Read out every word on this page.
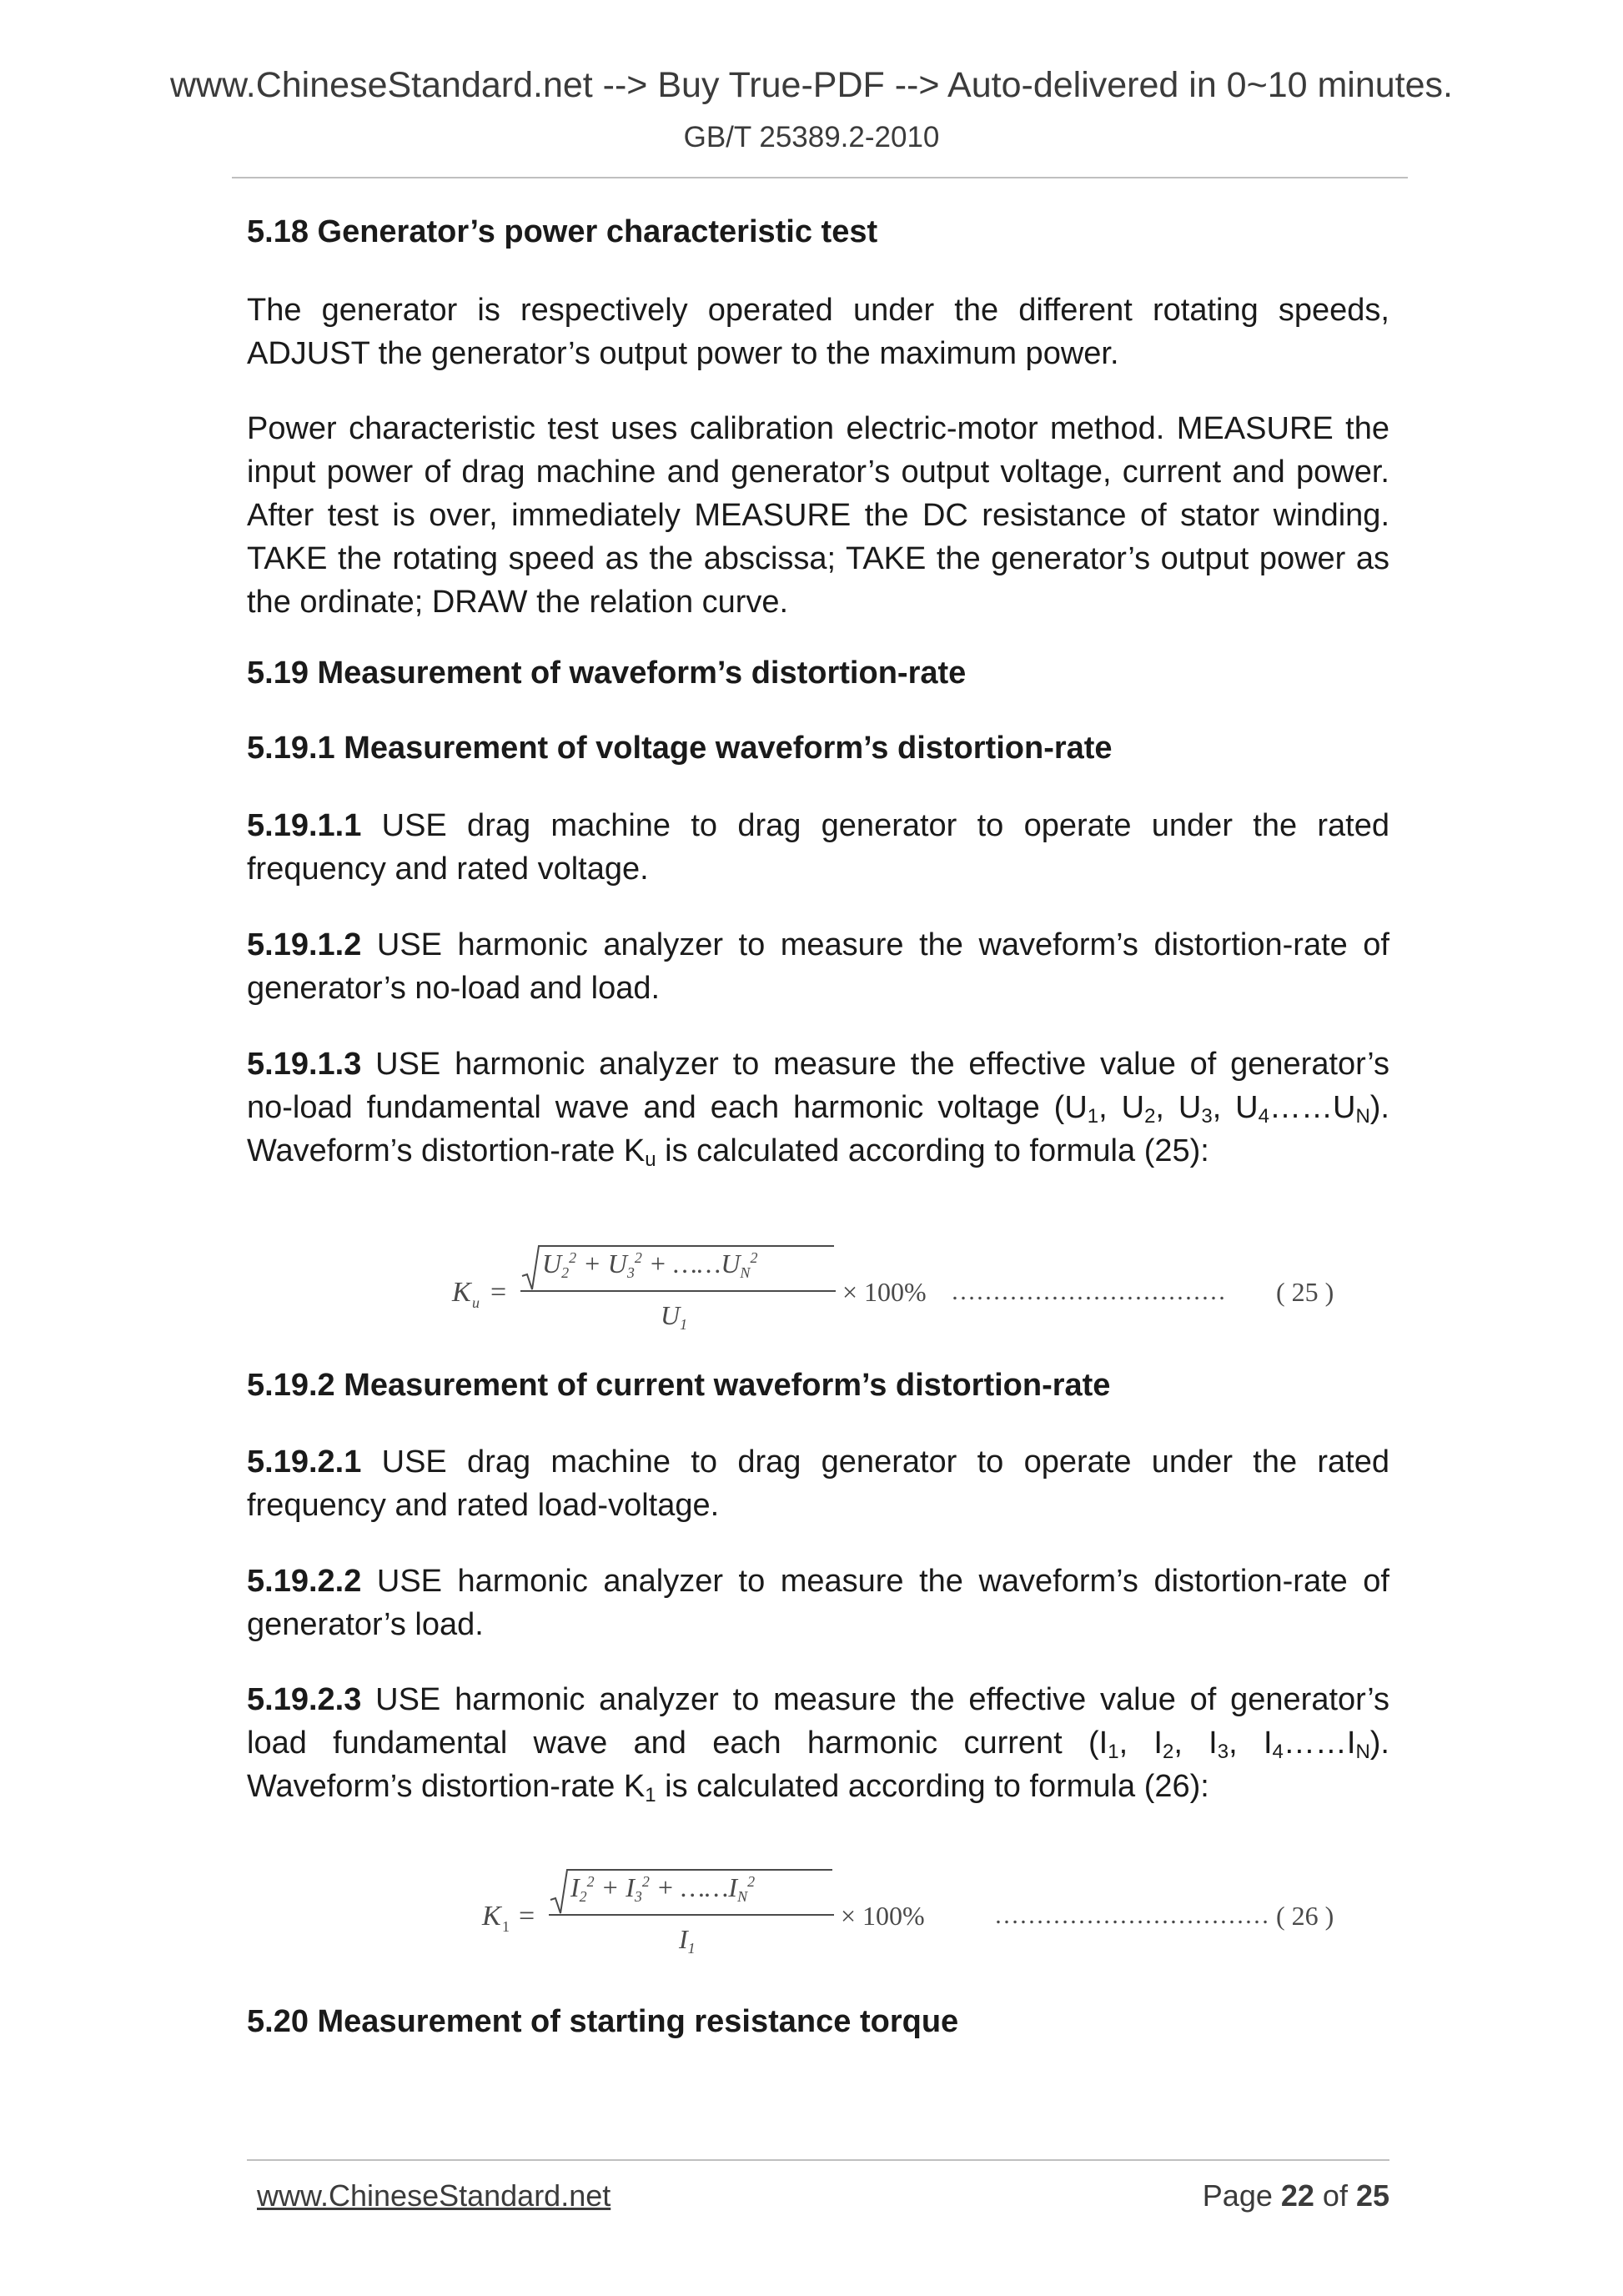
www.ChineseStandard.net --> Buy True-PDF --> Auto-delivered in 0~10 minutes.
GB/T 25389.2-2010
5.18 Generator’s power characteristic test
The generator is respectively operated under the different rotating speeds, ADJUST the generator’s output power to the maximum power.
Power characteristic test uses calibration electric-motor method. MEASURE the input power of drag machine and generator’s output voltage, current and power. After test is over, immediately MEASURE the DC resistance of stator winding. TAKE the rotating speed as the abscissa; TAKE the generator’s output power as the ordinate; DRAW the relation curve.
5.19 Measurement of waveform’s distortion-rate
5.19.1 Measurement of voltage waveform’s distortion-rate
5.19.1.1 USE drag machine to drag generator to operate under the rated frequency and rated voltage.
5.19.1.2 USE harmonic analyzer to measure the waveform’s distortion-rate of generator’s no-load and load.
5.19.1.3 USE harmonic analyzer to measure the effective value of generator’s no-load fundamental wave and each harmonic voltage ($U_1$, $U_2$, $U_3$, $U_4\dots\dots U_N$). Waveform’s distortion-rate $K_u$ is calculated according to formula (25):
5.19.2 Measurement of current waveform’s distortion-rate
5.19.2.1 USE drag machine to drag generator to operate under the rated frequency and rated load-voltage.
5.19.2.2 USE harmonic analyzer to measure the waveform’s distortion-rate of generator’s load.
5.19.2.3 USE harmonic analyzer to measure the effective value of generator’s load fundamental wave and each harmonic current ($I_1$, $I_2$, $I_3$, $I_4\dots\dots I_N$). Waveform’s distortion-rate $K_1$ is calculated according to formula (26):
5.20 Measurement of starting resistance torque
K u =
$U2^2 + U3^2$ + $\dots\dots UN^2$
U1
× 100% …………………………… ( 25 )
K 1 =
$I2^2 + I3^2$ + $\dots\dots IN^2$
I1
× 100%	…………………………… ( 26 )
www.ChineseStandard.net	Page 22 of 25
